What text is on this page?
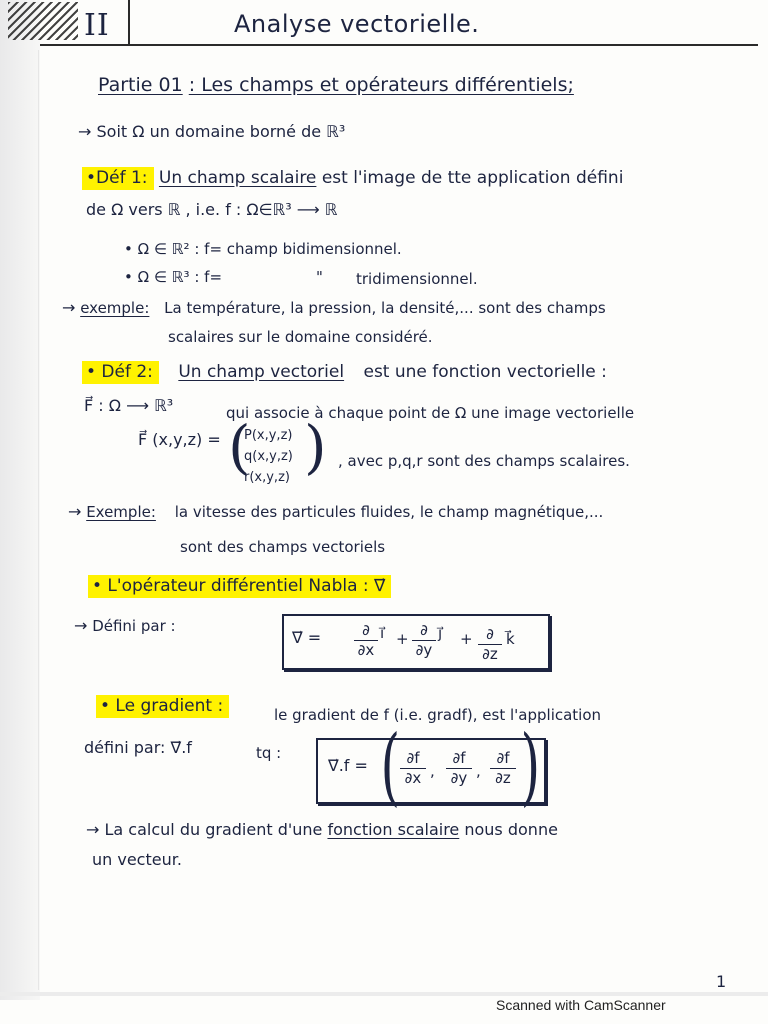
II	Analyse vectorielle.
Partie 01 : Les champs et opérateurs différentiels;
→ Soit Ω un domaine borné de ℝ³
•Déf 1: Un champ scalaire est l'image de tte application défini
de Ω vers ℝ , i.e. f : Ω∈ℝ³ ⟶ ℝ
• Ω ∈ ℝ² : f= champ bidimensionnel.
• Ω ∈ ℝ³ : f=	" tridimensionnel.
→ exemple: La température, la pression, la densité,... sont des champs
scalaires sur le domaine considéré.
• Déf 2: Un champ vectoriel est une fonction vectorielle :
F⃗ : Ω ⟶ ℝ³	qui associe à chaque point de Ω une image vectorielle
F⃗ (x,y,z) = (
P(x,y,z)
q(x,y,z)
r(x,y,z) ) , avec p,q,r sont des champs scalaires.
→ Exemple: la vitesse des particules fluides, le champ magnétique,...
sont des champs vectoriels
• L'opérateur différentiel Nabla : ∇⃗
→ Défini par :
∇⃗ =	∂
∂x
i⃗ + ∂
∂y
j⃗ + ∂
∂z
k⃗
• Le gradient :	le gradient de f (i.e. gradf), est l'application
défini par: ∇⃗.f	tq :
∇⃗.f = ( ∂f
∂x ,
∂f
∂y ,
∂f
∂z )
→ La calcul du gradient d'une fonction scalaire nous donne
un vecteur.
1
Scanned with CamScanner
